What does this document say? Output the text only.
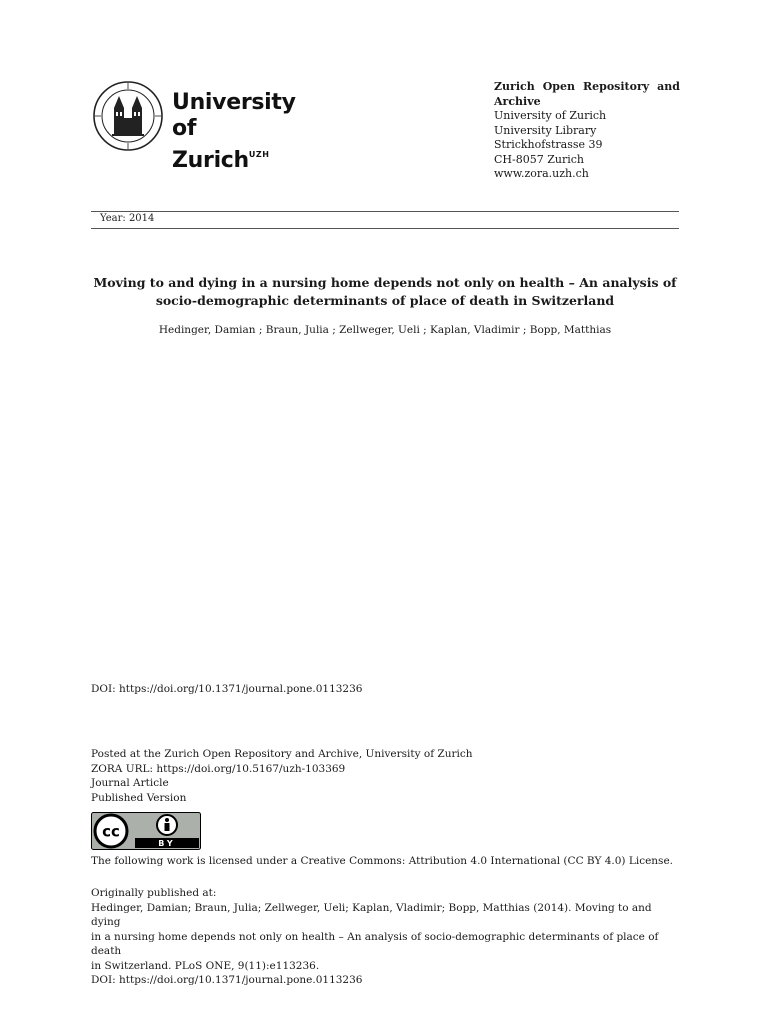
University of
Zurich$^{UZH}$
Zurich Open Repository and Archive
University of Zurich
University Library
Strickhofstrasse 39
CH-8057 Zurich
www.zora.uzh.ch
Year: 2014
Moving to and dying in a nursing home depends not only on health – An analysis of
socio-demographic determinants of place of death in Switzerland
Hedinger, Damian ; Braun, Julia ; Zellweger, Ueli ; Kaplan, Vladimir ; Bopp, Matthias
DOI: https://doi.org/10.1371/journal.pone.0113236
Posted at the Zurich Open Repository and Archive, University of Zurich
ZORA URL: https://doi.org/10.5167/uzh-103369
Journal Article
Published Version
cc
BY
The following work is licensed under a Creative Commons: Attribution 4.0 International (CC BY 4.0) License.
Originally published at:
Hedinger, Damian; Braun, Julia; Zellweger, Ueli; Kaplan, Vladimir; Bopp, Matthias (2014). Moving to and dying
in a nursing home depends not only on health – An analysis of socio-demographic determinants of place of death
in Switzerland. PLoS ONE, 9(11):e113236.
DOI: https://doi.org/10.1371/journal.pone.0113236
